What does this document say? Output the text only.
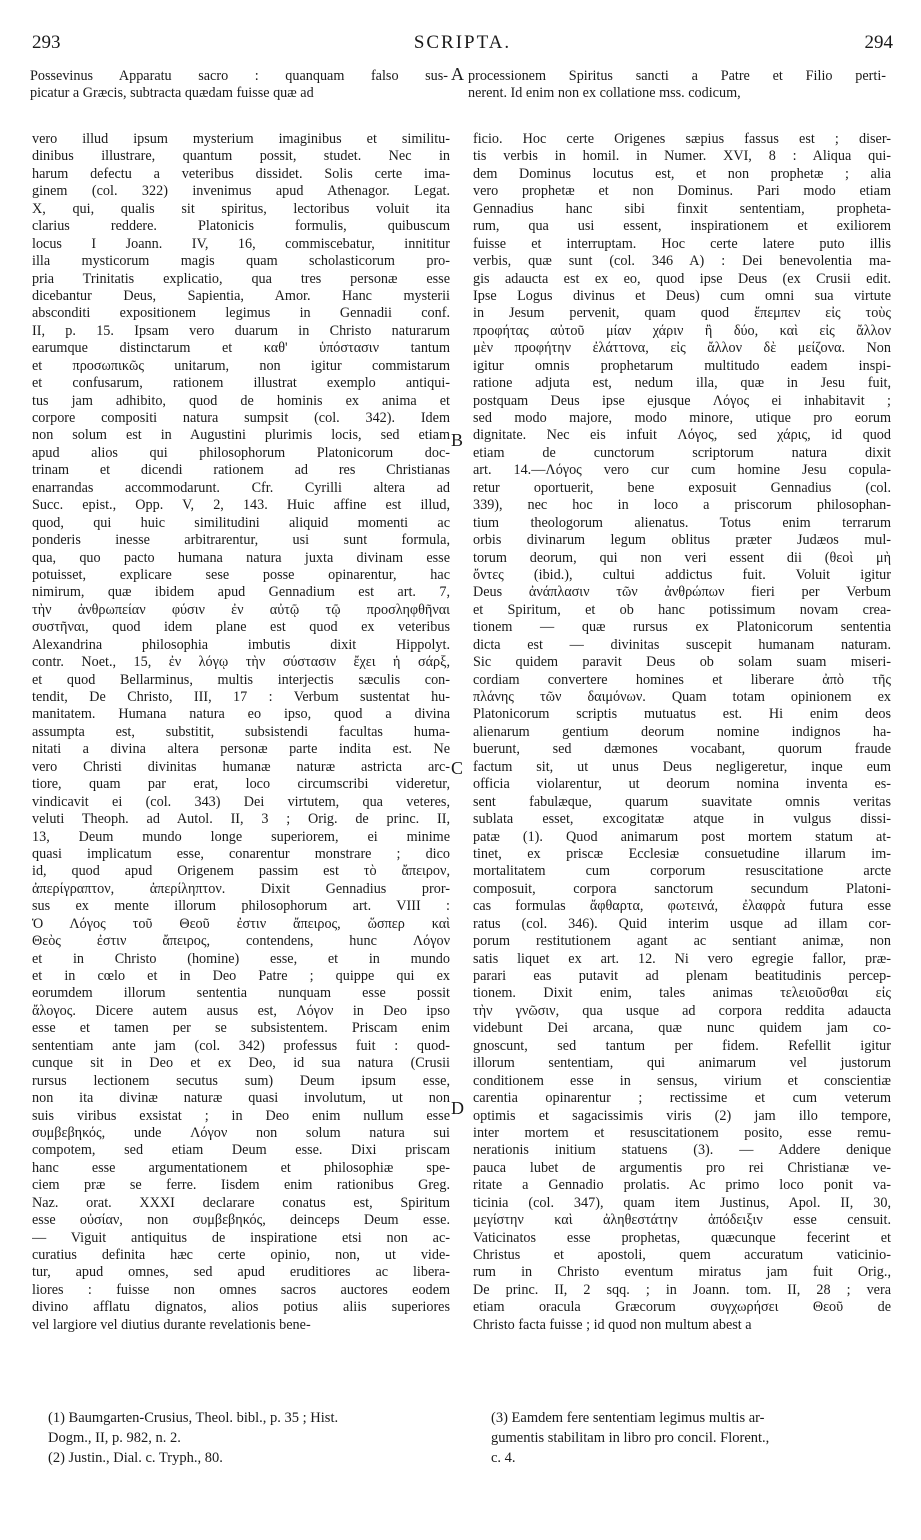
293	SCRIPTA.	294
Possevinus Apparatu sacro : quanquam falso sus-
picatur a Græcis, subtracta quædam fuisse quæ ad
processionem Spiritus sancti a Patre et Filio perti-
nerent. Id enim non ex collatione mss. codicum,
A
B
C
D
vero illud ipsum mysterium imaginibus et similitu-
dinibus illustrare, quantum possit, studet. Nec in
harum defectu a veteribus dissidet. Solis certe ima-
ginem (col. 322) invenimus apud Athenagor. Legat.
X, qui, qualis sit spiritus, lectoribus voluit ita
clarius reddere. Platonicis formulis, quibuscum
locus I Joann. IV, 16, commiscebatur, innititur
illa mysticorum magis quam scholasticorum pro-
pria Trinitatis explicatio, qua tres personæ esse
dicebantur Deus, Sapientia, Amor. Hanc mysterii
absconditi expositionem legimus in Gennadii conf.
II, p. 15. Ipsam vero duarum in Christo naturarum
earumque distinctarum et καθ' ὑπόστασιν tantum
et προσωπικῶς unitarum, non igitur commistarum
et confusarum, rationem illustrat exemplo antiqui-
tus jam adhibito, quod de hominis ex anima et
corpore compositi natura sumpsit (col. 342). Idem
non solum est in Augustini plurimis locis, sed etiam
apud alios qui philosophorum Platonicorum doc-
trinam et dicendi rationem ad res Christianas
enarrandas accommodarunt. Cfr. Cyrilli altera ad
Succ. epist., Opp. V, 2, 143. Huic affine est illud,
quod, qui huic similitudini aliquid momenti ac
ponderis inesse arbitrarentur, usi sunt formula,
qua, quo pacto humana natura juxta divinam esse
potuisset, explicare sese posse opinarentur, hac
nimirum, quæ ibidem apud Gennadium est art. 7,
τὴν ἀνθρωπείαν φύσιν ἐν αὐτῷ τῷ προσληφθῆναι
συστῆναι, quod idem plane est quod ex veteribus
Alexandrina philosophia imbutis dixit Hippolyt.
contr. Noet., 15, ἐν λόγῳ τὴν σύστασιν ἔχει ἡ σάρξ,
et quod Bellarminus, multis interjectis sæculis con-
tendit, De Christo, III, 17 : Verbum sustentat hu-
manitatem. Humana natura eo ipso, quod a divina
assumpta est, substitit, subsistendi facultas huma-
nitati a divina altera personæ parte indita est. Ne
vero Christi divinitas humanæ naturæ astricta arc-
tiore, quam par erat, loco circumscribi videretur,
vindicavit ei (col. 343) Dei virtutem, qua veteres,
veluti Theoph. ad Autol. II, 3 ; Orig. de princ. II,
13, Deum mundo longe superiorem, ei minime
quasi implicatum esse, conarentur monstrare ; dico
id, quod apud Origenem passim est τὸ ἄπειρον,
ἀπερίγραπτον, ἀπερίληπτον. Dixit Gennadius pror-
sus ex mente illorum philosophorum art. VIII :
Ὁ Λόγος τοῦ Θεοῦ ἐστιν ἄπειρος, ὥσπερ καὶ
Θεὸς ἐστιν ἄπειρος, contendens, hunc Λόγον
et in Christo (homine) esse, et in mundo
et in cœlo et in Deo Patre ; quippe qui ex
eorumdem illorum sententia nunquam esse possit
ἄλογος. Dicere autem ausus est, Λόγον in Deo ipso
esse et tamen per se subsistentem. Priscam enim
sententiam ante jam (col. 342) professus fuit : quod-
cunque sit in Deo et ex Deo, id sua natura (Crusii
rursus lectionem secutus sum) Deum ipsum esse,
non ita divinæ naturæ quasi involutum, ut non
suis viribus exsistat ; in Deo enim nullum esse
συμβεβηκός, unde Λόγον non solum natura sui
compotem, sed etiam Deum esse. Dixi priscam
hanc esse argumentationem et philosophiæ spe-
ciem præ se ferre. Iisdem enim rationibus Greg.
Naz. orat. XXXI declarare conatus est, Spiritum
esse οὐσίαν, non συμβεβηκός, deinceps Deum esse.
— Viguit antiquitus de inspiratione etsi non ac-
curatius definita hæc certe opinio, non, ut vide-
tur, apud omnes, sed apud eruditiores ac libera-
liores : fuisse non omnes sacros auctores eodem
divino afflatu dignatos, alios potius aliis superiores
vel largiore vel diutius durante revelationis bene-
ficio. Hoc certe Origenes sæpius fassus est ; diser-
tis verbis in homil. in Numer. XVI, 8 : Aliqua qui-
dem Dominus locutus est, et non prophetæ ; alia
vero prophetæ et non Dominus. Pari modo etiam
Gennadius hanc sibi finxit sententiam, propheta-
rum, qua usi essent, inspirationem et exiliorem
fuisse et interruptam. Hoc certe latere puto illis
verbis, quæ sunt (col. 346 A) : Dei benevolentia ma-
gis adaucta est ex eo, quod ipse Deus (ex Crusii edit.
Ipse Logus divinus et Deus) cum omni sua virtute
in Jesum pervenit, quam quod ἔπεμπεν εἰς τοὺς
προφήτας αὐτοῦ μίαν χάριν ἢ δύο, καὶ εἰς ἄλλον
μὲν προφήτην ἐλάττονα, εἰς ἄλλον δὲ μείζονα. Non
igitur omnis prophetarum multitudo eadem inspi-
ratione adjuta est, nedum illa, quæ in Jesu fuit,
postquam Deus ipse ejusque Λόγος ei inhabitavit ;
sed modo majore, modo minore, utique pro eorum
dignitate. Nec eis infuit Λόγος, sed χάρις, id quod
etiam de cunctorum scriptorum natura dixit
art. 14.—Λόγος vero cur cum homine Jesu copula-
retur oportuerit, bene exposuit Gennadius (col.
339), nec hoc in loco a priscorum philosophan-
tium theologorum alienatus. Totus enim terrarum
orbis divinarum legum oblitus præter Judæos mul-
torum deorum, qui non veri essent dii (θεοὶ μὴ
ὄντες (ibid.), cultui addictus fuit. Voluit igitur
Deus ἀνάπλασιν τῶν ἀνθρώπων fieri per Verbum
et Spiritum, et ob hanc potissimum novam crea-
tionem — quæ rursus ex Platonicorum sententia
dicta est — divinitas suscepit humanam naturam.
Sic quidem paravit Deus ob solam suam miseri-
cordiam convertere homines et liberare ἀπὸ τῆς
πλάνης τῶν δαιμόνων. Quam totam opinionem ex
Platonicorum scriptis mutuatus est. Hi enim deos
alienarum gentium deorum nomine indignos ha-
buerunt, sed dæmones vocabant, quorum fraude
factum sit, ut unus Deus negligeretur, inque eum
officia violarentur, ut deorum nomina inventa es-
sent fabulæque, quarum suavitate omnis veritas
sublata esset, excogitatæ atque in vulgus dissi-
patæ (1). Quod animarum post mortem statum at-
tinet, ex priscæ Ecclesiæ consuetudine illarum im-
mortalitatem cum corporum resuscitatione arcte
composuit, corpora sanctorum secundum Platoni-
cas formulas ἄφθαρτα, φωτεινά, ἐλαφρὰ futura esse
ratus (col. 346). Quid interim usque ad illam cor-
porum restitutionem agant ac sentiant animæ, non
satis liquet ex art. 12. Ni vero egregie fallor, præ-
parari eas putavit ad plenam beatitudinis percep-
tionem. Dixit enim, tales animas τελειοῦσθαι εἰς
τὴν γνῶσιν, qua usque ad corpora reddita adaucta
videbunt Dei arcana, quæ nunc quidem jam co-
gnoscunt, sed tantum per fidem. Refellit igitur
illorum sententiam, qui animarum vel justorum
conditionem esse in sensus, virium et conscientiæ
carentia opinarentur ; rectissime et cum veterum
optimis et sagacissimis viris (2) jam illo tempore,
inter mortem et resuscitationem posito, esse remu-
nerationis initium statuens (3). — Addere denique
pauca lubet de argumentis pro rei Christianæ ve-
ritate a Gennadio prolatis. Ac primo loco ponit va-
ticinia (col. 347), quam item Justinus, Apol. II, 30,
μεγίστην καὶ ἀληθεστάτην ἀπόδειξιν esse censuit.
Vaticinatos esse prophetas, quæcunque fecerint et
Christus et apostoli, quem accuratum vaticinio-
rum in Christo eventum miratus jam fuit Orig.,
De princ. II, 2 sqq. ; in Joann. tom. II, 28 ; vera
etiam oracula Græcorum συγχωρήσει Θεοῦ de
Christo facta fuisse ; id quod non multum abest a
(1) Baumgarten-Crusius, Theol. bibl., p. 35 ; Hist.
Dogm., II, p. 982, n. 2.
(2) Justin., Dial. c. Tryph., 80.
(3) Eamdem fere sententiam legimus multis ar-
gumentis stabilitam in libro pro concil. Florent.,
c. 4.
